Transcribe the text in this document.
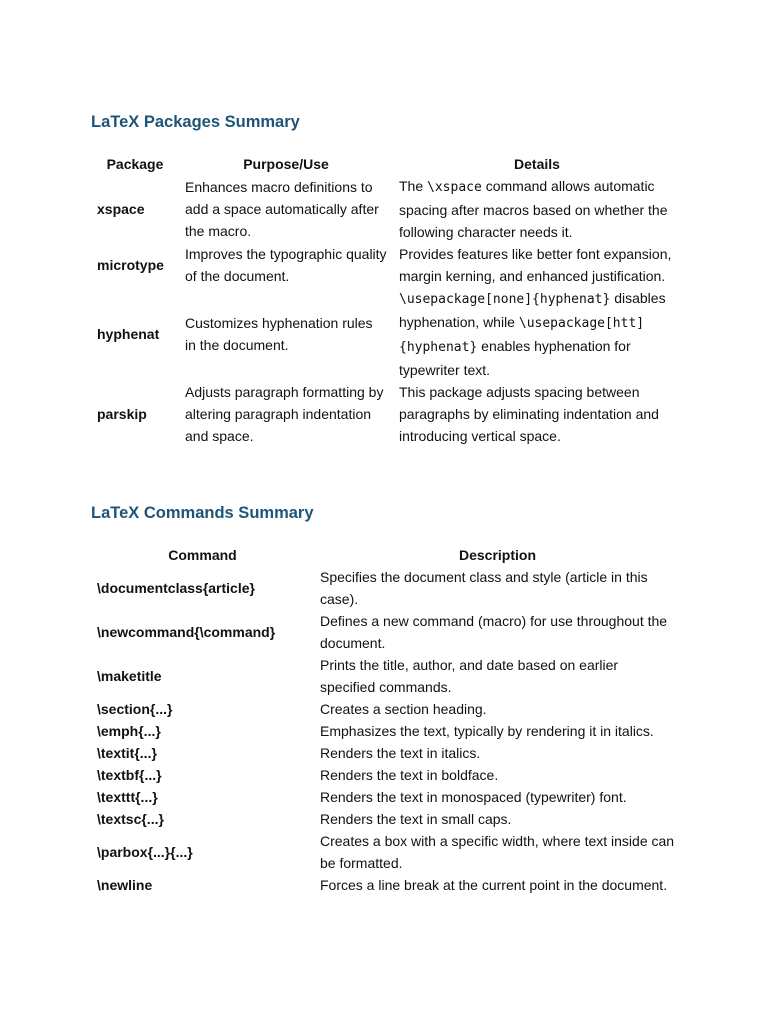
LaTeX Packages Summary
Package	Purpose/Use	Details
xspace	Enhances macro definitions to add a space automatically after the macro.	The \xspace command allows automatic spacing after macros based on whether the following character needs it.
microtype	Improves the typographic quality of the document.	Provides features like better font expansion, margin kerning, and enhanced justification.
hyphenat	Customizes hyphenation rules in the document.	\usepackage[none]{hyphenat} disables hyphenation, while \usepackage[htt]{hyphenat} enables hyphenation for typewriter text.
parskip	Adjusts paragraph formatting by altering paragraph indentation and space.	This package adjusts spacing between paragraphs by eliminating indentation and introducing vertical space.
LaTeX Commands Summary
Command	Description
\documentclass{article}	Specifies the document class and style (article in this case).
\newcommand{\command}	Defines a new command (macro) for use throughout the document.
\maketitle	Prints the title, author, and date based on earlier specified commands.
\section{...}	Creates a section heading.
\emph{...}	Emphasizes the text, typically by rendering it in italics.
\textit{...}	Renders the text in italics.
\textbf{...}	Renders the text in boldface.
\texttt{...}	Renders the text in monospaced (typewriter) font.
\textsc{...}	Renders the text in small caps.
\parbox{...}{...}	Creates a box with a specific width, where text inside can be formatted.
\newline	Forces a line break at the current point in the document.
